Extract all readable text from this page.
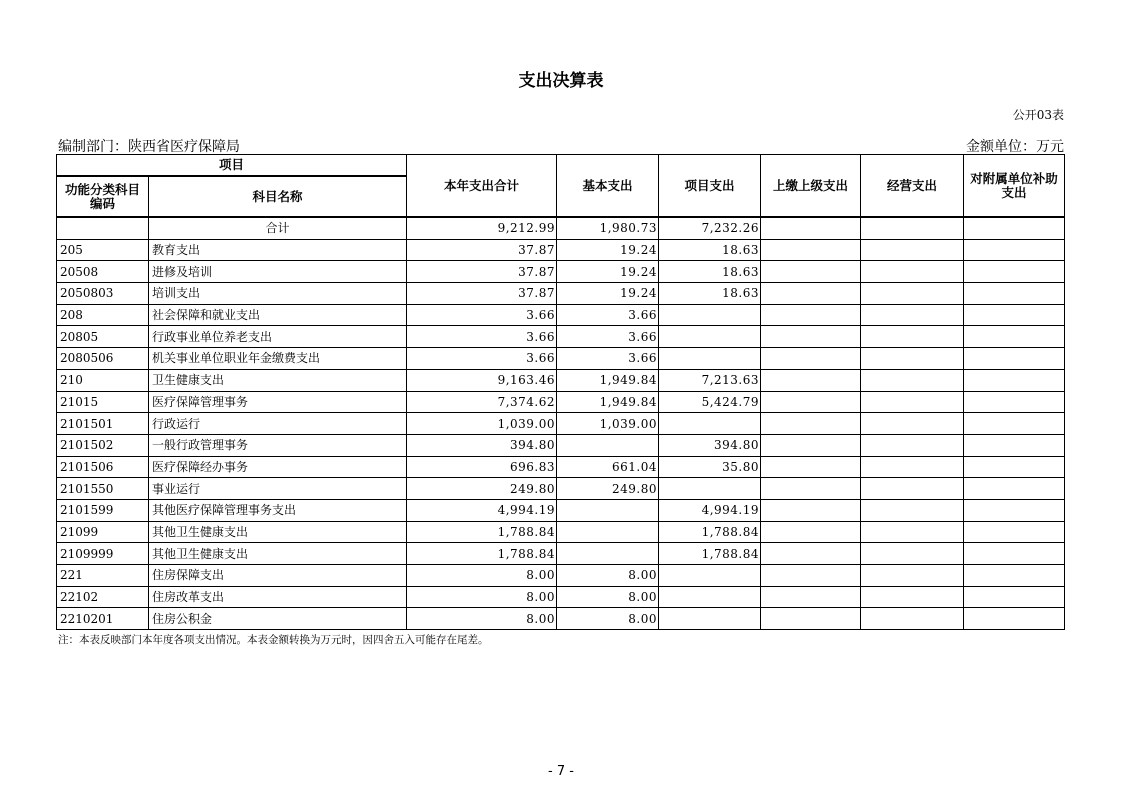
支出决算表
公开03表
编制部门：陕西省医疗保障局	金额单位：万元
项目		本年支出合计	基本支出	项目支出	上缴上级支出	经营支出	对附属单位补助支出
功能分类科目编码	科目名称						
	合计	9,212.99	1,980.73	7,232.26			
205	教育支出	37.87	19.24	18.63			
20508	进修及培训	37.87	19.24	18.63			
2050803	培训支出	37.87	19.24	18.63			
208	社会保障和就业支出	3.66	3.66				
20805	行政事业单位养老支出	3.66	3.66				
2080506	机关事业单位职业年金缴费支出	3.66	3.66				
210	卫生健康支出	9,163.46	1,949.84	7,213.63			
21015	医疗保障管理事务	7,374.62	1,949.84	5,424.79			
2101501	行政运行	1,039.00	1,039.00				
2101502	一般行政管理事务	394.80		394.80			
2101506	医疗保障经办事务	696.83	661.04	35.80			
2101550	事业运行	249.80	249.80				
2101599	其他医疗保障管理事务支出	4,994.19		4,994.19			
21099	其他卫生健康支出	1,788.84		1,788.84			
2109999	其他卫生健康支出	1,788.84		1,788.84			
221	住房保障支出	8.00	8.00				
22102	住房改革支出	8.00	8.00				
2210201	住房公积金	8.00	8.00				
注：本表反映部门本年度各项支出情况。本表金额转换为万元时，因四舍五入可能存在尾差。
- 7 -
